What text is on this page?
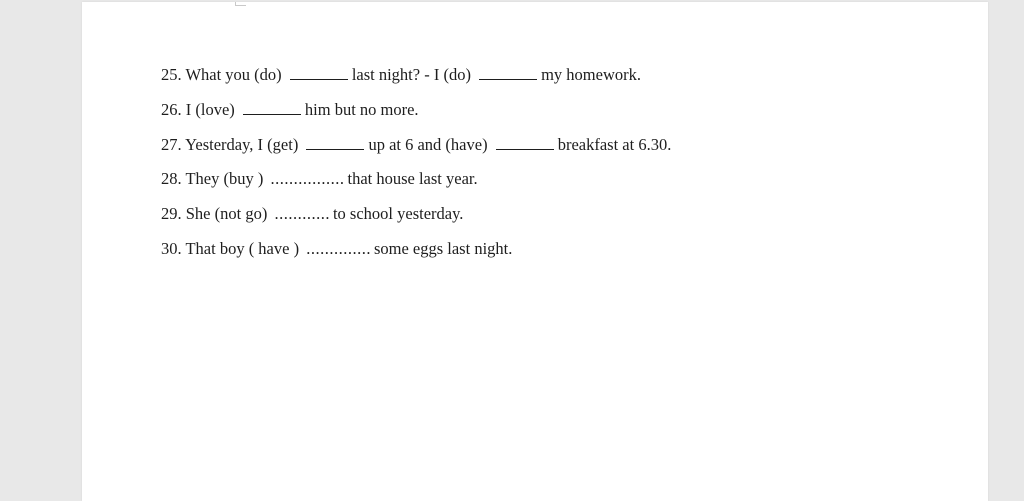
25. What you (do)	last night? - I (do)	my homework.
26. I (love)	him but no more.
27. Yesterday, I (get)	up at 6 and (have)	breakfast at 6.30.
28. They (buy ) ................ that house last year.
29. She (not go) ............ to school yesterday.
30. That boy ( have ) .............. some eggs last night.
